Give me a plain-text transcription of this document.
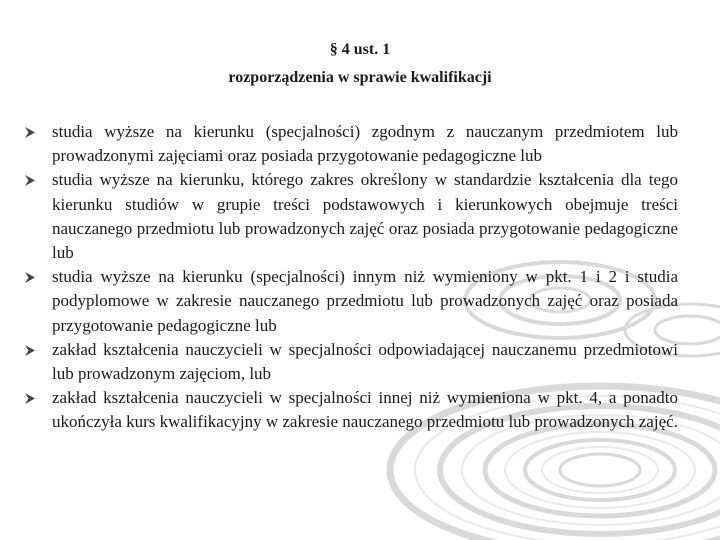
§ 4 ust. 1
rozporządzenia w sprawie kwalifikacji
studia wyższe na kierunku (specjalności) zgodnym z nauczanym przedmiotem lub prowadzonymi zajęciami oraz posiada przygotowanie pedagogiczne lub
studia wyższe na kierunku, którego zakres określony w standardzie kształcenia dla tego kierunku studiów w grupie treści podstawowych i kierunkowych obejmuje treści nauczanego przedmiotu lub prowadzonych zajęć oraz posiada przygotowanie pedagogiczne lub
studia wyższe na kierunku (specjalności) innym niż wymieniony w pkt. 1 i 2 i studia podyplomowe w zakresie nauczanego przedmiotu lub prowadzonych zajęć oraz posiada przygotowanie pedagogiczne lub
zakład kształcenia nauczycieli w specjalności odpowiadającej nauczanemu przedmiotowi lub prowadzonym zajęciom, lub
zakład kształcenia nauczycieli w specjalności innej niż wymieniona w pkt. 4, a ponadto ukończyła kurs kwalifikacyjny w zakresie nauczanego przedmiotu lub prowadzonych zajęć.
